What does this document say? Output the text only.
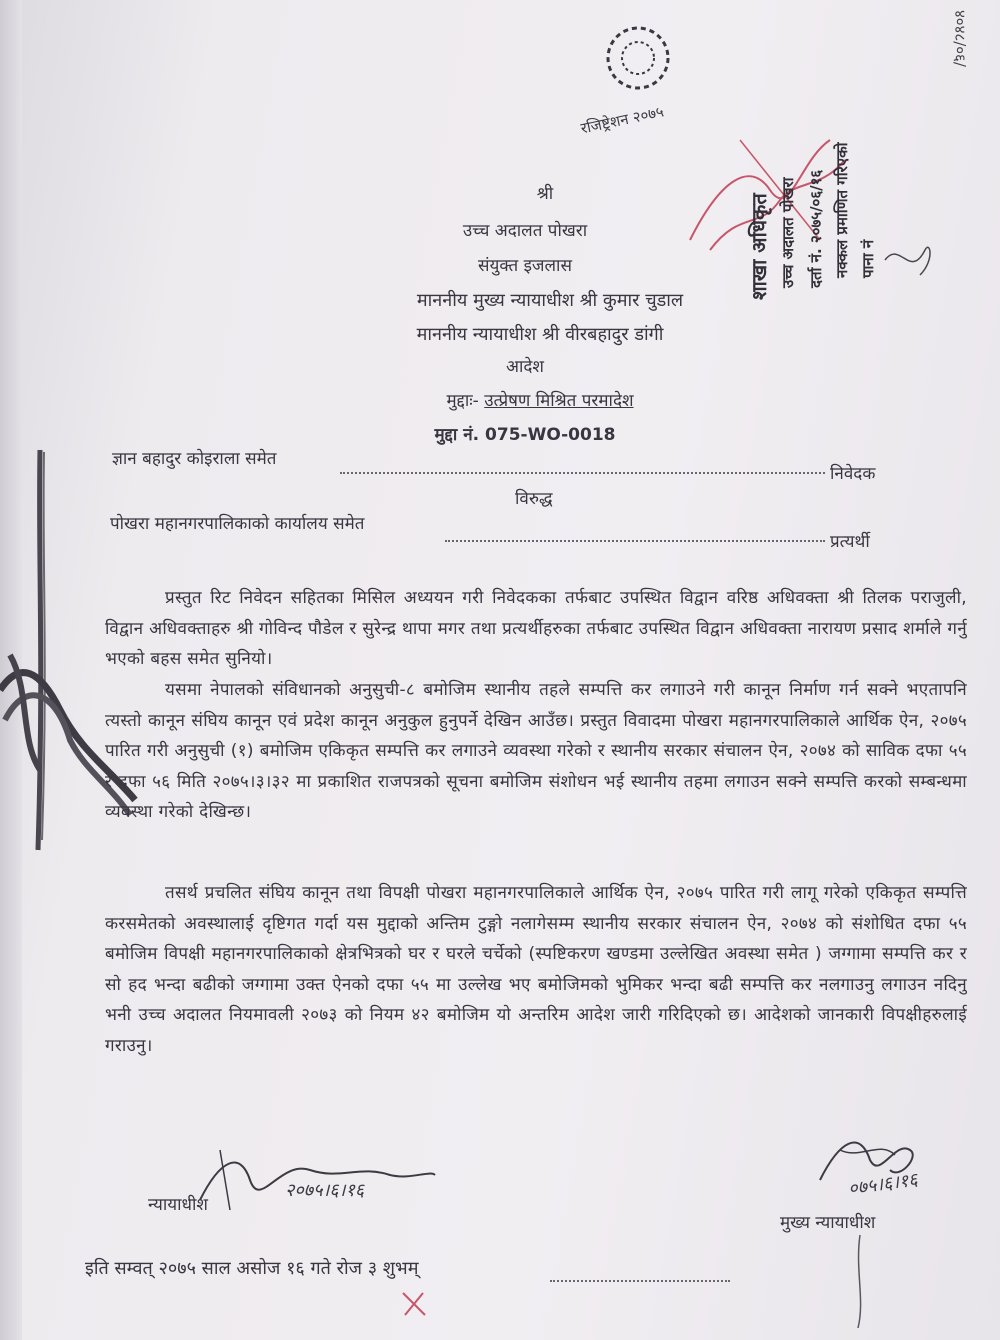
रजिष्ट्रेशन २०७५
पाना नं
नक्कल प्रमाणित गरिएको
दर्ता नं. २०७५/०६/१६
उच्च अदालत पोखरा
शाखा अधिकृत
४०४८/०६/
श्री
उच्च अदालत पोखरा
संयुक्त इजलास
माननीय मुख्य न्यायाधीश श्री कुमार चुडाल
माननीय न्यायाधीश श्री वीरबहादुर डांगी
आदेश
मुद्दाः- उत्प्रेषण मिश्रित परमादेश
मुद्दा नं. 075-WO-0018
ज्ञान बहादुर कोइराला समेत
निवेदक
विरुद्ध
पोखरा महानगरपालिकाको कार्यालय समेत
प्रत्यर्थी
प्रस्तुत रिट निवेदन सहितका मिसिल अध्ययन गरी निवेदकका तर्फबाट उपस्थित विद्वान वरिष्ठ अधिवक्ता श्री तिलक पराजुली, विद्वान अधिवक्ताहरु श्री गोविन्द पौडेल र सुरेन्द्र थापा मगर तथा प्रत्यर्थीहरुका तर्फबाट उपस्थित विद्वान अधिवक्ता नारायण प्रसाद शर्माले गर्नु भएको बहस समेत सुनियो।
यसमा नेपालको संविधानको अनुसुची-८ बमोजिम स्थानीय तहले सम्पत्ति कर लगाउने गरी कानून निर्माण गर्न सक्ने भएतापनि त्यस्तो कानून संघिय कानून एवं प्रदेश कानून अनुकुल हुनुपर्ने देखिन आउँछ। प्रस्तुत विवादमा पोखरा महानगरपालिकाले आर्थिक ऐन, २०७५ पारित गरी अनुसुची (१) बमोजिम एकिकृत सम्पत्ति कर लगाउने व्यवस्था गरेको र स्थानीय सरकार संचालन ऐन, २०७४ को साविक दफा ५५ र दफा ५६ मिति २०७५।३।३२ मा प्रकाशित राजपत्रको सूचना बमोजिम संशोधन भई स्थानीय तहमा लगाउन सक्ने सम्पत्ति करको सम्बन्धमा व्यवस्था गरेको देखिन्छ।
तसर्थ प्रचलित संघिय कानून तथा विपक्षी पोखरा महानगरपालिकाले आर्थिक ऐन, २०७५ पारित गरी लागू गरेको एकिकृत सम्पत्ति करसमेतको अवस्थालाई दृष्टिगत गर्दा यस मुद्दाको अन्तिम टुङ्गो नलागेसम्म स्थानीय सरकार संचालन ऐन, २०७४ को संशोधित दफा ५५ बमोजिम विपक्षी महानगरपालिकाको क्षेत्रभित्रको घर र घरले चर्चेको (स्पष्टिकरण खण्डमा उल्लेखित अवस्था समेत ) जग्गामा सम्पत्ति कर र सो हद भन्दा बढीको जग्गामा उक्त ऐनको दफा ५५ मा उल्लेख भए बमोजिमको भुमिकर भन्दा बढी सम्पत्ति कर नलगाउनु लगाउन नदिनु भनी उच्च अदालत नियमावली २०७३ को नियम ४२ बमोजिम यो अन्तरिम आदेश जारी गरिदिएको छ। आदेशको जानकारी विपक्षीहरुलाई गराउनु।
न्यायाधीश
२०७५।६।१६	०७५।६।१६
मुख्य न्यायाधीश
इति सम्वत् २०७५ साल असोज १६ गते रोज ३ शुभम्
